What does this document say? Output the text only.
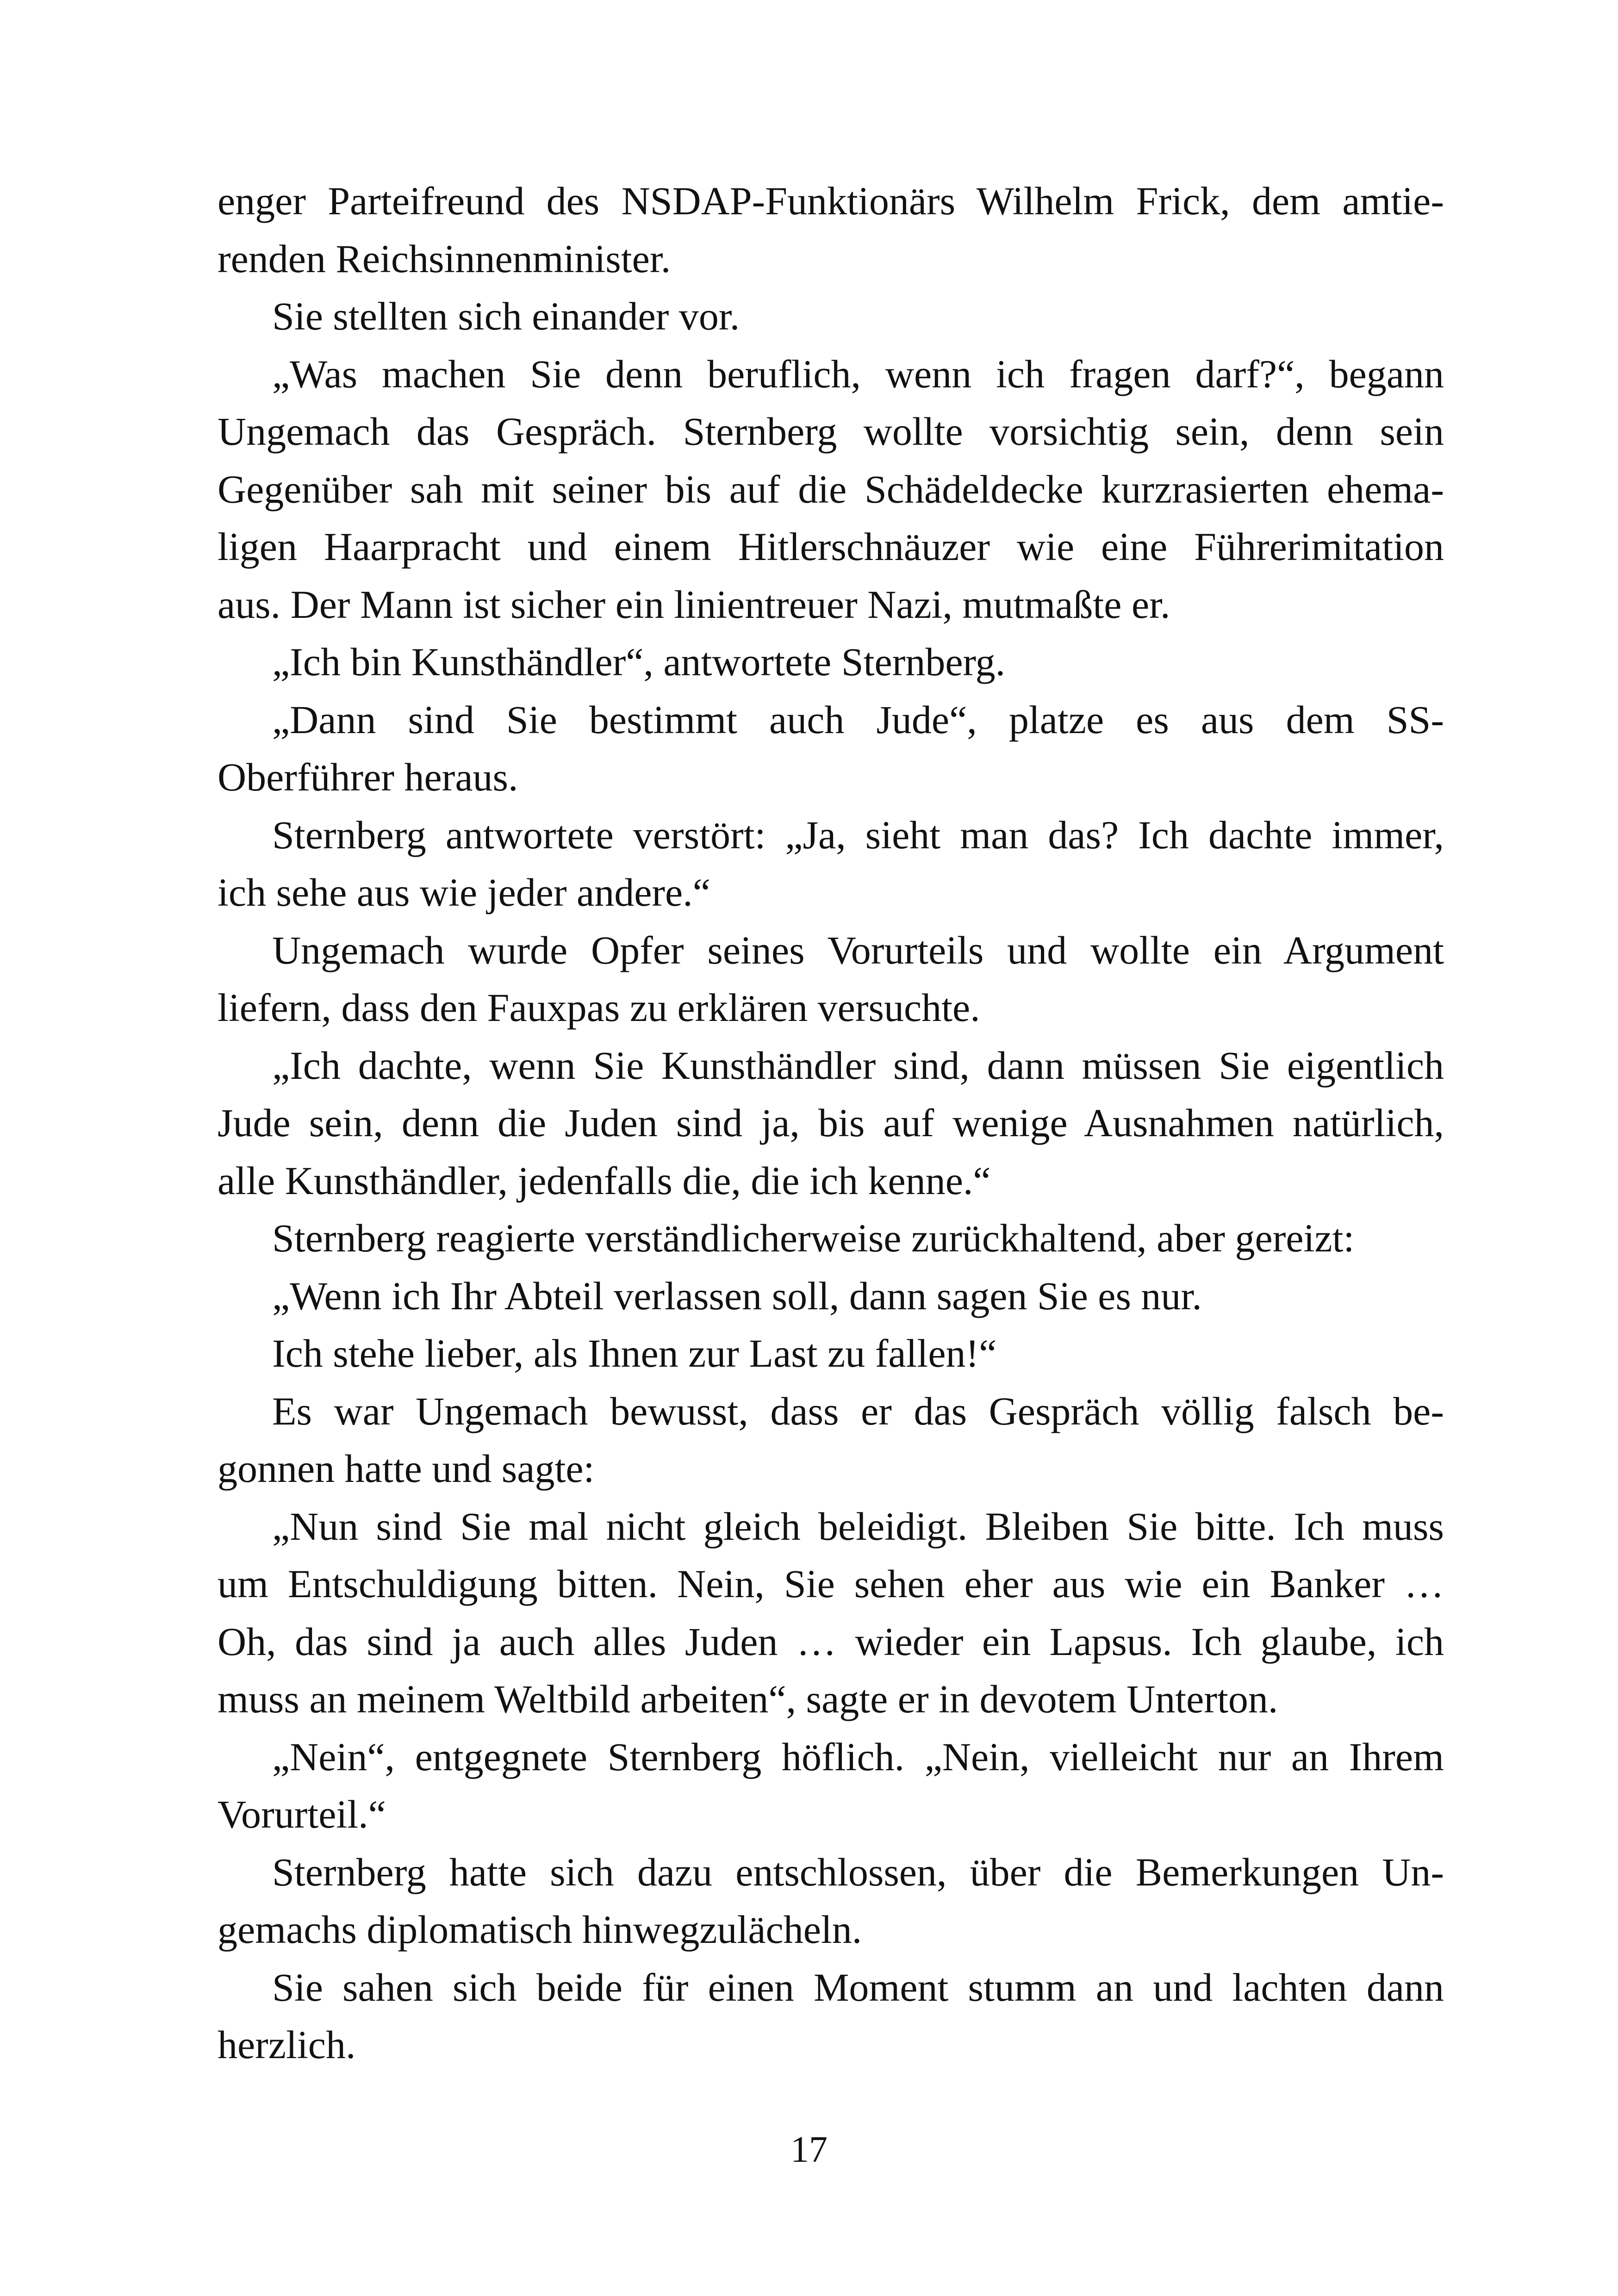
enger Parteifreund des NSDAP-Funktionärs Wilhelm Frick, dem amtie-
renden Reichsinnenminister.
Sie stellten sich einander vor.
„Was machen Sie denn beruflich, wenn ich fragen darf?“, begann
Ungemach das Gespräch. Sternberg wollte vorsichtig sein, denn sein
Gegenüber sah mit seiner bis auf die Schädeldecke kurzrasierten ehema-
ligen Haarpracht und einem Hitlerschnäuzer wie eine Führerimitation
aus. Der Mann ist sicher ein linientreuer Nazi, mutmaßte er.
„Ich bin Kunsthändler“, antwortete Sternberg.
„Dann sind Sie bestimmt auch Jude“, platze es aus dem SS-
Oberführer heraus.
Sternberg antwortete verstört: „Ja, sieht man das? Ich dachte immer,
ich sehe aus wie jeder andere.“
Ungemach wurde Opfer seines Vorurteils und wollte ein Argument
liefern, dass den Fauxpas zu erklären versuchte.
„Ich dachte, wenn Sie Kunsthändler sind, dann müssen Sie eigentlich
Jude sein, denn die Juden sind ja, bis auf wenige Ausnahmen natürlich,
alle Kunsthändler, jedenfalls die, die ich kenne.“
Sternberg reagierte verständlicherweise zurückhaltend, aber gereizt:
„Wenn ich Ihr Abteil verlassen soll, dann sagen Sie es nur.
Ich stehe lieber, als Ihnen zur Last zu fallen!“
Es war Ungemach bewusst, dass er das Gespräch völlig falsch be-
gonnen hatte und sagte:
„Nun sind Sie mal nicht gleich beleidigt. Bleiben Sie bitte. Ich muss
um Entschuldigung bitten. Nein, Sie sehen eher aus wie ein Banker …
Oh, das sind ja auch alles Juden … wieder ein Lapsus. Ich glaube, ich
muss an meinem Weltbild arbeiten“, sagte er in devotem Unterton.
„Nein“, entgegnete Sternberg höflich. „Nein, vielleicht nur an Ihrem
Vorurteil.“
Sternberg hatte sich dazu entschlossen, über die Bemerkungen Un-
gemachs diplomatisch hinwegzulächeln.
Sie sahen sich beide für einen Moment stumm an und lachten dann
herzlich.
17
